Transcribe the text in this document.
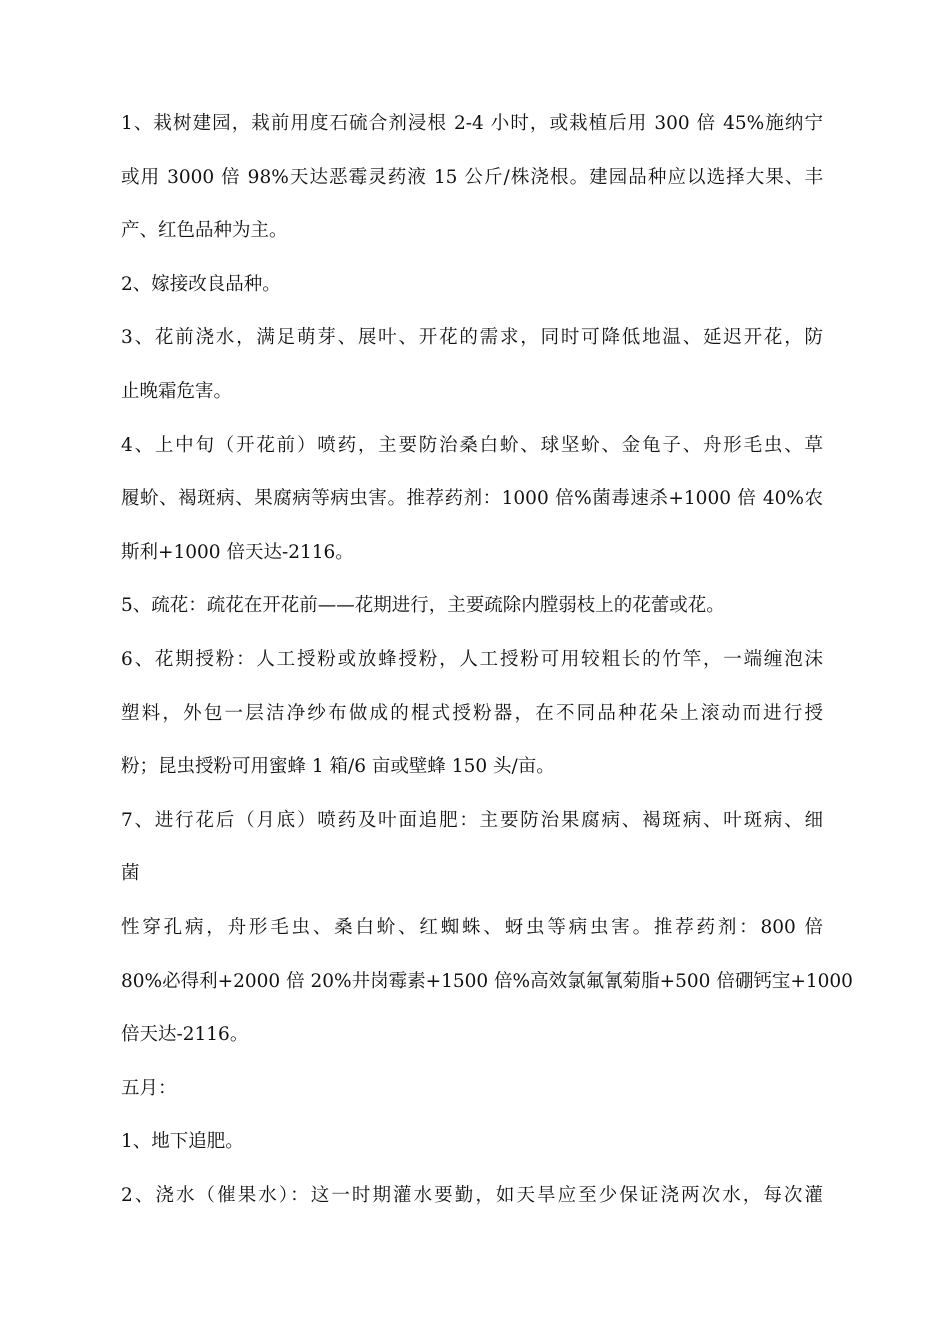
1、栽树建园，栽前用度石硫合剂浸根 2-4 小时，或栽植后用 300 倍 45%施纳宁
或用 3000 倍 98%天达恶霉灵药液 15 公斤/株浇根。建园品种应以选择大果、丰
产、红色品种为主。
2、嫁接改良品种。
3、花前浇水，满足萌芽、展叶、开花的需求，同时可降低地温、延迟开花，防
止晚霜危害。
4、上中旬（开花前）喷药，主要防治桑白蚧、球坚蚧、金龟子、舟形毛虫、草
履蚧、褐斑病、果腐病等病虫害。推荐药剂：1000 倍%菌毒速杀+1000 倍 40%农
斯利+1000 倍天达-2116。
5、疏花：疏花在开花前——花期进行，主要疏除内膛弱枝上的花蕾或花。
6、花期授粉：人工授粉或放蜂授粉，人工授粉可用较粗长的竹竿，一端缠泡沫
塑料，外包一层洁净纱布做成的棍式授粉器，在不同品种花朵上滚动而进行授
粉；昆虫授粉可用蜜蜂 1 箱/6 亩或壁蜂 150 头/亩。
7、进行花后（月底）喷药及叶面追肥：主要防治果腐病、褐斑病、叶斑病、细
菌
性穿孔病，舟形毛虫、桑白蚧、红蜘蛛、蚜虫等病虫害。推荐药剂：800 倍
80%必得利+2000 倍 20%井岗霉素+1500 倍%高效氯氟氰菊脂+500 倍硼钙宝+1000
倍天达-2116。
五月：
1、地下追肥。
2、浇水（催果水）：这一时期灌水要勤，如天旱应至少保证浇两次水，每次灌
